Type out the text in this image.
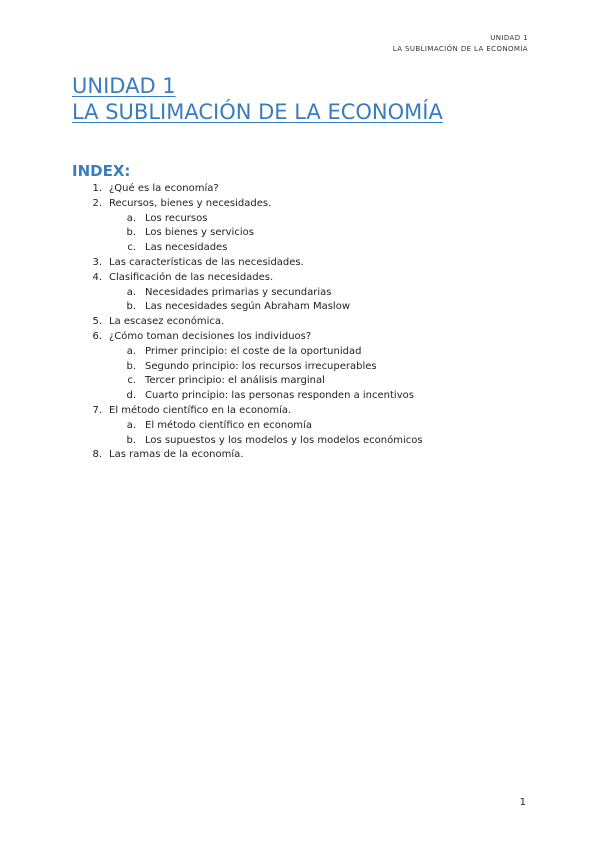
UNIDAD 1
LA SUBLIMACIÓN DE LA ECONOMÍA
UNIDAD 1
LA SUBLIMACIÓN DE LA ECONOMÍA
INDEX:
1. ¿Qué es la economía?
2. Recursos, bienes y necesidades.
a. Los recursos
b. Los bienes y servicios
c. Las necesidades
3. Las características de las necesidades.
4. Clasificación de las necesidades.
a. Necesidades primarias y secundarias
b. Las necesidades según Abraham Maslow
5. La escasez económica.
6. ¿Cómo toman decisiones los individuos?
a. Primer principio: el coste de la oportunidad
b. Segundo principio: los recursos irrecuperables
c. Tercer principio: el análisis marginal
d. Cuarto principio: las personas responden a incentivos
7. El método científico en la economía.
a. El método científico en economía
b. Los supuestos y los modelos y los modelos económicos
8. Las ramas de la economía.
1
